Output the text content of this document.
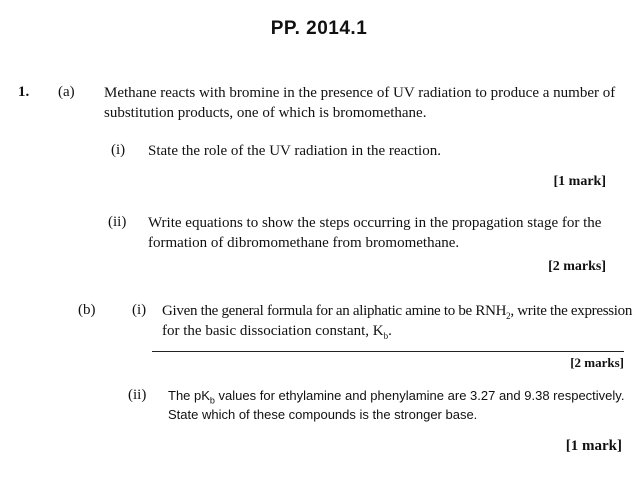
PP. 2014.1
1. (a) Methane reacts with bromine in the presence of UV radiation to produce a number of
substitution products, one of which is bromomethane.
(i) State the role of the UV radiation in the reaction.
[1 mark]
(ii) Write equations to show the steps occurring in the propagation stage for the
formation of dibromomethane from bromomethane.
[2 marks]
(b) (i) Given the general formula for an aliphatic amine to be $RNH_2$, write the expression
for the basic dissociation constant, $K_b$.
[2 marks]
(ii) The $pK_b$ values for ethylamine and phenylamine are 3.27 and 9.38 respectively.
State which of these compounds is the stronger base.
[1 mark]
